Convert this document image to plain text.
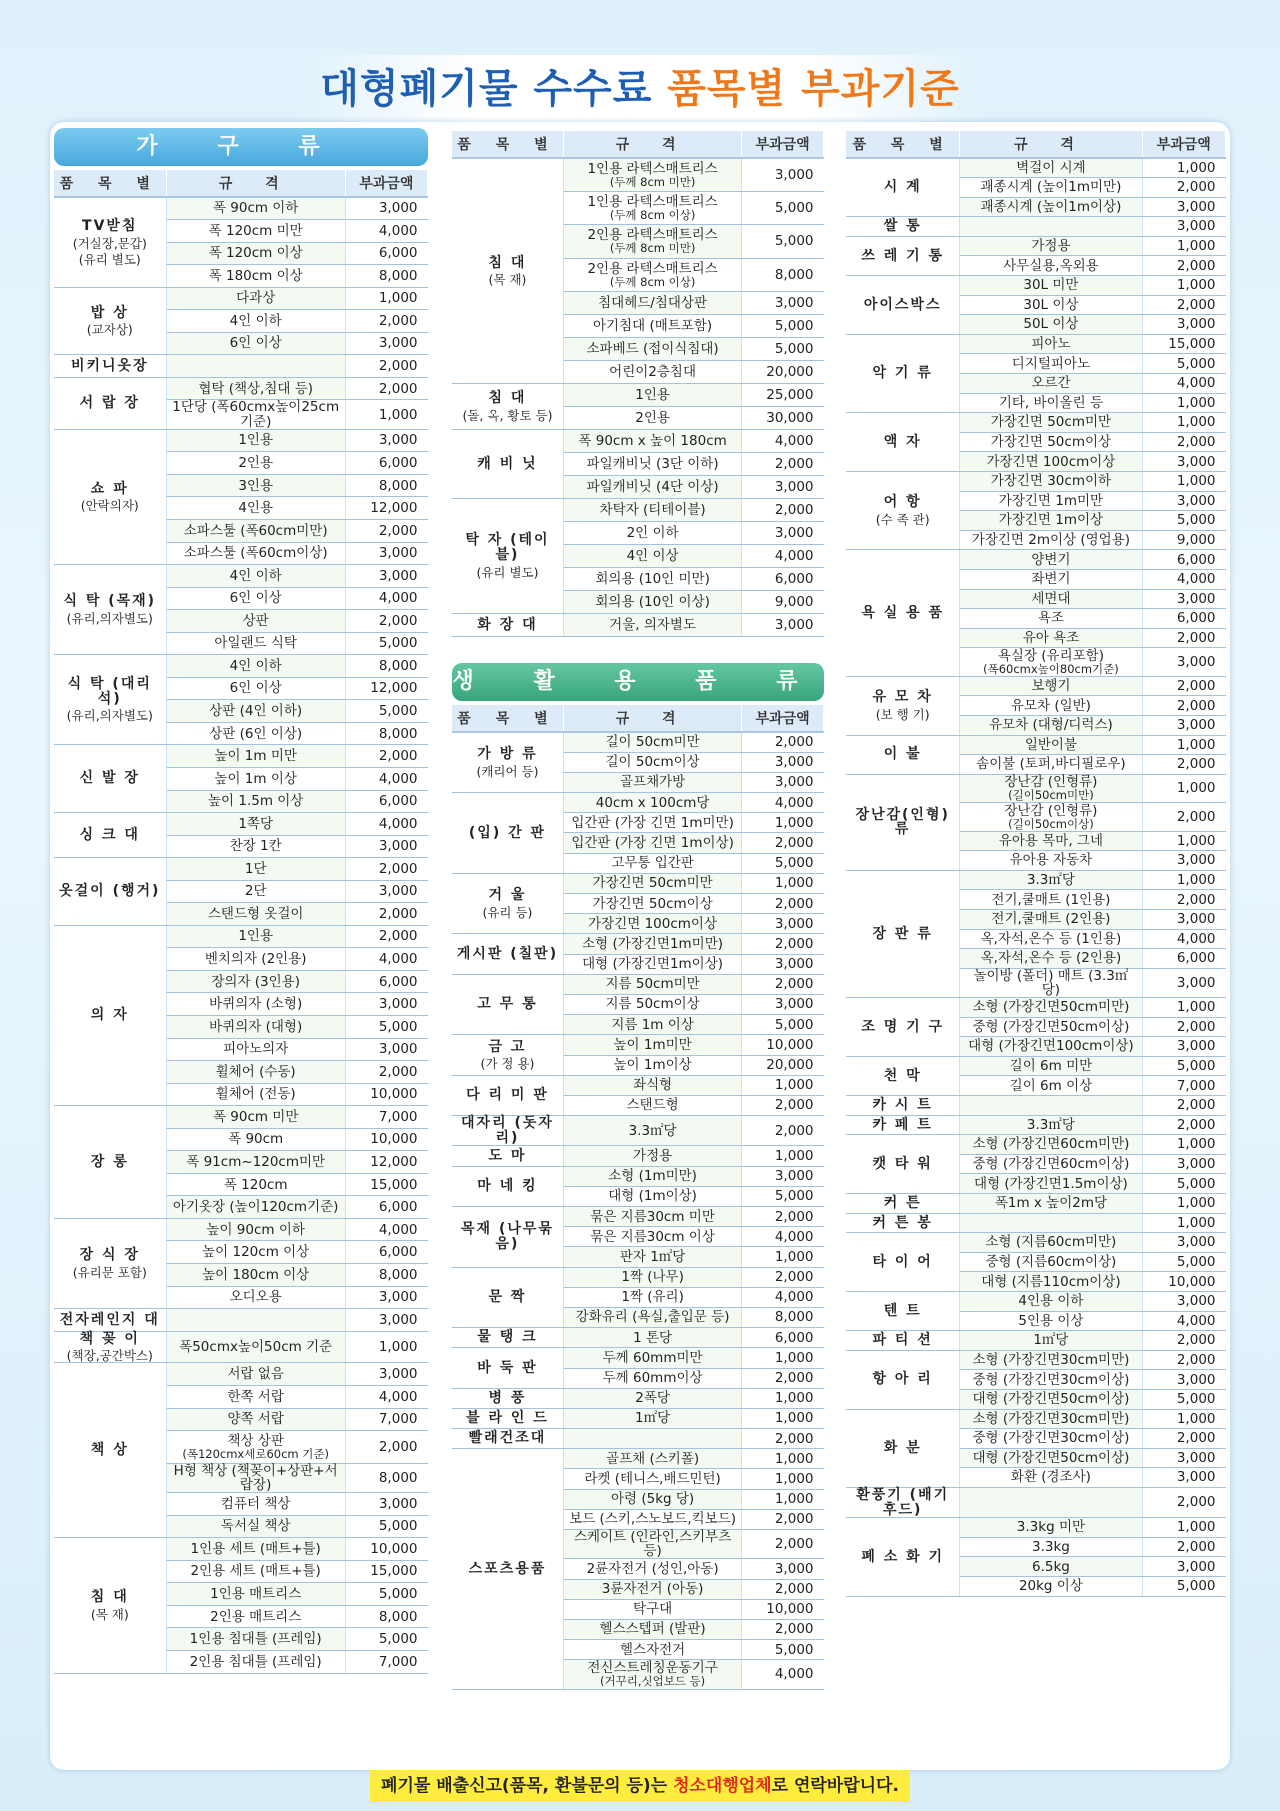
대형폐기물 수수료 품목별 부과기준
가 구 류
품 목 별	규 격	부과금액
TV받침
(거실장,문갑)
(유리 별도)	폭 90cm 이하	3,000
	폭 120cm 미만	4,000
	폭 120cm 이상	6,000
	폭 180cm 이상	8,000
밥 상
(교자상)	다과상	1,000
	4인 이하	2,000
	6인 이상	3,000
비키니옷장		2,000
서 랍 장	협탁 (책상,침대 등)	2,000
	1단당 (폭60cmx높이25cm기준)	1,000
쇼 파
(안락의자)	1인용	3,000
	2인용	6,000
	3인용	8,000
	4인용	12,000
	소파스툴 (폭60cm미만)	2,000
	소파스툴 (폭60cm이상)	3,000
식 탁 (목재)
(유리,의자별도)	4인 이하	3,000
	6인 이상	4,000
	상판	2,000
	아일랜드 식탁	5,000
식 탁 (대리석)
(유리,의자별도)	4인 이하	8,000
	6인 이상	12,000
	상판 (4인 이하)	5,000
	상판 (6인 이상)	8,000
신 발 장	높이 1m 미만	2,000
	높이 1m 이상	4,000
	높이 1.5m 이상	6,000
싱 크 대	1쪽당	4,000
	찬장 1칸	3,000
옷걸이 (행거)	1단	2,000
	2단	3,000
	스탠드형 옷걸이	2,000
의 자	1인용	2,000
	벤치의자 (2인용)	4,000
	장의자 (3인용)	6,000
	바퀴의자 (소형)	3,000
	바퀴의자 (대형)	5,000
	피아노의자	3,000
	휠체어 (수동)	2,000
	휠체어 (전동)	10,000
장 롱	폭 90cm 미만	7,000
	폭 90cm	10,000
	폭 91cm~120cm미만	12,000
	폭 120cm	15,000
	아기옷장 (높이120cm기준)	6,000
장 식 장
(유리문 포함)	높이 90cm 이하	4,000
	높이 120cm 이상	6,000
	높이 180cm 이상	8,000
	오디오용	3,000
전자레인지 대		3,000
책 꽂 이
(책장,공간박스)	폭50cmx높이50cm 기준	1,000
책 상	서랍 없음	3,000
	한쪽 서랍	4,000
	양쪽 서랍	7,000
	책상 상판
(폭120cmx세로60cm 기준)	2,000
	H형 책상 (책꽂이+상판+서랍장)	8,000
	컴퓨터 책상	3,000
	독서실 책상	5,000
침 대
(목 재)	1인용 세트 (매트+틀)	10,000
	2인용 세트 (매트+틀)	15,000
	1인용 매트리스	5,000
	2인용 매트리스	8,000
	1인용 침대틀 (프레임)	5,000
	2인용 침대틀 (프레임)	7,000
품 목 별	규 격	부과금액
침 대
(목 재)	1인용 라텍스매트리스
(두께 8cm 미만)	3,000
	1인용 라텍스매트리스
(두께 8cm 이상)	5,000
	2인용 라텍스매트리스
(두께 8cm 미만)	5,000
	2인용 라텍스매트리스
(두께 8cm 이상)	8,000
	침대헤드/침대상판	3,000
	아기침대 (매트포함)	5,000
	소파베드 (접이식침대)	5,000
	어린이2층침대	20,000
침 대
(돌, 옥, 황토 등)	1인용	25,000
	2인용	30,000
캐 비 닛	폭 90cm x 높이 180cm	4,000
	파일캐비닛 (3단 이하)	2,000
	파일캐비닛 (4단 이상)	3,000
탁 자 (테이블)
(유리 별도)	차탁자 (티테이블)	2,000
	2인 이하	3,000
	4인 이상	4,000
	회의용 (10인 미만)	6,000
	회의용 (10인 이상)	9,000
화 장 대	거울, 의자별도	3,000
생 활 용 품 류
품 목 별	규 격	부과금액
가 방 류
(캐리어 등)	길이 50cm미만	2,000
	길이 50cm이상	3,000
	골프채가방	3,000
(입) 간 판	40cm x 100cm당	4,000
	입간판 (가장 긴면 1m미만)	1,000
	입간판 (가장 긴면 1m이상)	2,000
	고무통 입간판	5,000
거 울
(유리 등)	가장긴면 50cm미만	1,000
	가장긴면 50cm이상	2,000
	가장긴면 100cm이상	3,000
게시판 (칠판)	소형 (가장긴면1m미만)	2,000
	대형 (가장긴면1m이상)	3,000
고 무 통	지름 50cm미만	2,000
	지름 50cm이상	3,000
	지름 1m 이상	5,000
금 고
(가 정 용)	높이 1m미만	10,000
	높이 1m이상	20,000
다 리 미 판	좌식형	1,000
	스탠드형	2,000
대자리 (돗자리)	3.3㎡당	2,000
도 마	가정용	1,000
마 네 킹	소형 (1m미만)	3,000
	대형 (1m이상)	5,000
목재 (나무묶음)	묶은 지름30cm 미만	2,000
	묶은 지름30cm 이상	4,000
	판자 1㎡당	1,000
문 짝	1짝 (나무)	2,000
	1짝 (유리)	4,000
	강화유리 (욕실,출입문 등)	8,000
물 탱 크	1 톤당	6,000
바 둑 판	두께 60mm미만	1,000
	두께 60mm이상	2,000
병 풍	2폭당	1,000
블 라 인 드	1㎡당	1,000
빨래건조대		2,000
스포츠용품	골프채 (스키폴)	1,000
	라켓 (테니스,배드민턴)	1,000
	아령 (5kg 당)	1,000
	보드 (스키,스노보드,킥보드)	2,000
	스케이트 (인라인,스키부츠 등)	2,000
	2륜자전거 (성인,아동)	3,000
	3륜자전거 (아동)	2,000
	탁구대	10,000
	헬스스텝퍼 (발판)	2,000
	헬스자전거	5,000
	전신스트레칭운동기구
(거꾸리,싯업보드 등)	4,000
품 목 별	규 격	부과금액
시 계	벽걸이 시계	1,000
	괘종시계 (높이1m미만)	2,000
	괘종시계 (높이1m이상)	3,000
쌀 통		3,000
쓰 레 기 통	가정용	1,000
	사무실용,옥외용	2,000
아이스박스	30L 미만	1,000
	30L 이상	2,000
	50L 이상	3,000
악 기 류	피아노	15,000
	디지털피아노	5,000
	오르간	4,000
	기타, 바이올린 등	1,000
액 자	가장긴면 50cm미만	1,000
	가장긴면 50cm이상	2,000
	가장긴면 100cm이상	3,000
어 항
(수 족 관)	가장긴면 30cm이하	1,000
	가장긴면 1m미만	3,000
	가장긴면 1m이상	5,000
	가장긴면 2m이상 (영업용)	9,000
욕 실 용 품	양변기	6,000
	좌변기	4,000
	세면대	3,000
	욕조	6,000
	유아 욕조	2,000
	욕실장 (유리포함)
(폭60cmx높이80cm기준)	3,000
유 모 차
(보 행 기)	보행기	2,000
	유모차 (일반)	2,000
	유모차 (대형/디럭스)	3,000
이 불	일반이불	1,000
	솜이불 (토퍼,바디필로우)	2,000
장난감(인형)류	장난감 (인형류)
(길이50cm미만)	1,000
	장난감 (인형류)
(길이50cm이상)	2,000
	유아용 목마, 그네	1,000
	유아용 자동차	3,000
장 판 류	3.3㎡당	1,000
	전기,쿨매트 (1인용)	2,000
	전기,쿨매트 (2인용)	3,000
	옥,자석,온수 등 (1인용)	4,000
	옥,자석,온수 등 (2인용)	6,000
	놀이방 (폴더) 매트 (3.3㎡당)	3,000
조 명 기 구	소형 (가장긴면50cm미만)	1,000
	중형 (가장긴면50cm이상)	2,000
	대형 (가장긴면100cm이상)	3,000
천 막	길이 6m 미만	5,000
	길이 6m 이상	7,000
카 시 트		2,000
카 페 트	3.3㎡당	2,000
캣 타 워	소형 (가장긴면60cm미만)	1,000
	중형 (가장긴면60cm이상)	3,000
	대형 (가장긴면1.5m이상)	5,000
커 튼	폭1m x 높이2m당	1,000
커 튼 봉		1,000
타 이 어	소형 (지름60cm미만)	3,000
	중형 (지름60cm이상)	5,000
	대형 (지름110cm이상)	10,000
텐 트	4인용 이하	3,000
	5인용 이상	4,000
파 티 션	1㎡당	2,000
항 아 리	소형 (가장긴면30cm미만)	2,000
	중형 (가장긴면30cm이상)	3,000
	대형 (가장긴면50cm이상)	5,000
화 분	소형 (가장긴면30cm미만)	1,000
	중형 (가장긴면30cm이상)	2,000
	대형 (가장긴면50cm이상)	3,000
	화환 (경조사)	3,000
환풍기 (배기후드)		2,000
폐 소 화 기	3.3kg 미만	1,000
	3.3kg	2,000
	6.5kg	3,000
	20kg 이상	5,000
폐기물 배출신고(품목, 환불문의 등)는 청소대행업체로 연락바랍니다.
